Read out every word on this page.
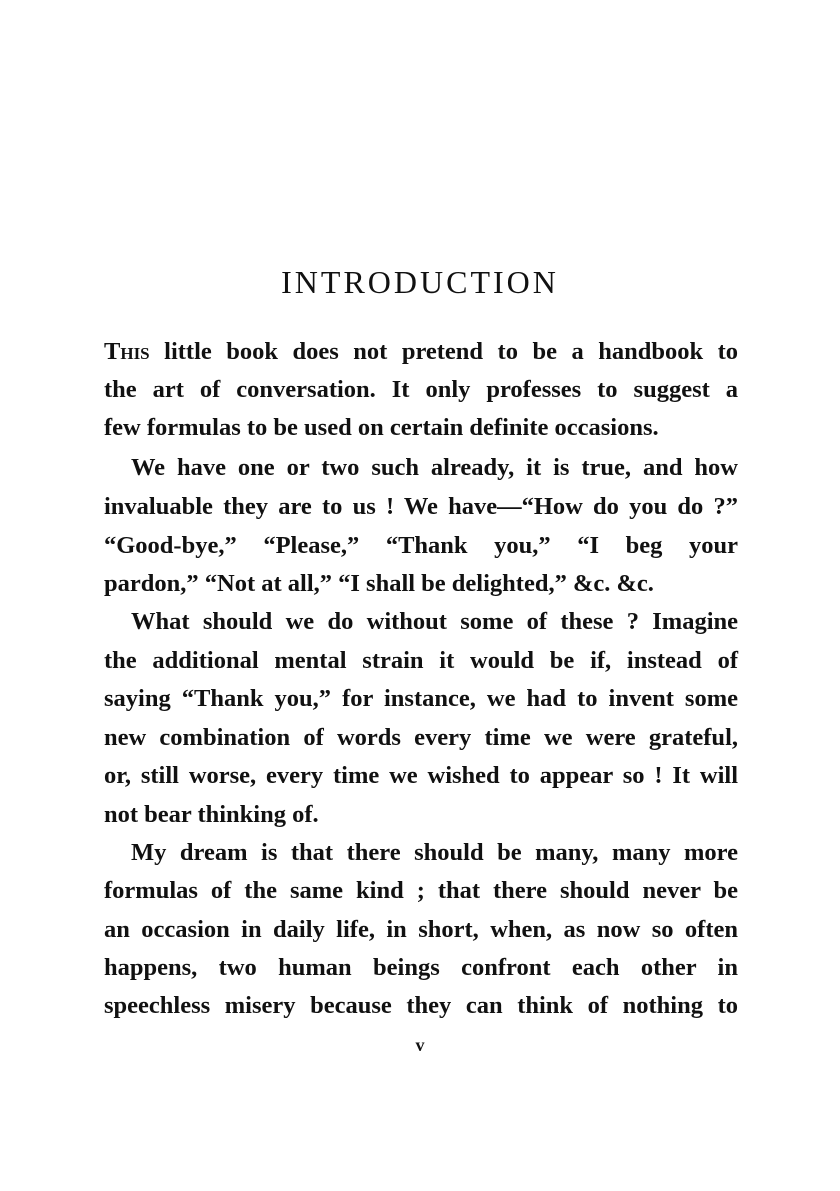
INTRODUCTION
This little book does not pretend to be a handbook to
the art of conversation. It only professes to suggest a
few formulas to be used on certain definite occasions.
We have one or two such already, it is true, and how
invaluable they are to us ! We have—“How do you do ?”
“Good-bye,” “Please,” “Thank you,” “I beg your
pardon,” “Not at all,” “I shall be delighted,” &c. &c.
What should we do without some of these ? Imagine
the additional mental strain it would be if, instead of
saying “Thank you,” for instance, we had to invent some
new combination of words every time we were grateful,
or, still worse, every time we wished to appear so ! It will
not bear thinking of.
My dream is that there should be many, many more
formulas of the same kind ; that there should never be
an occasion in daily life, in short, when, as now so often
happens, two human beings confront each other in
speechless misery because they can think of nothing to
v
